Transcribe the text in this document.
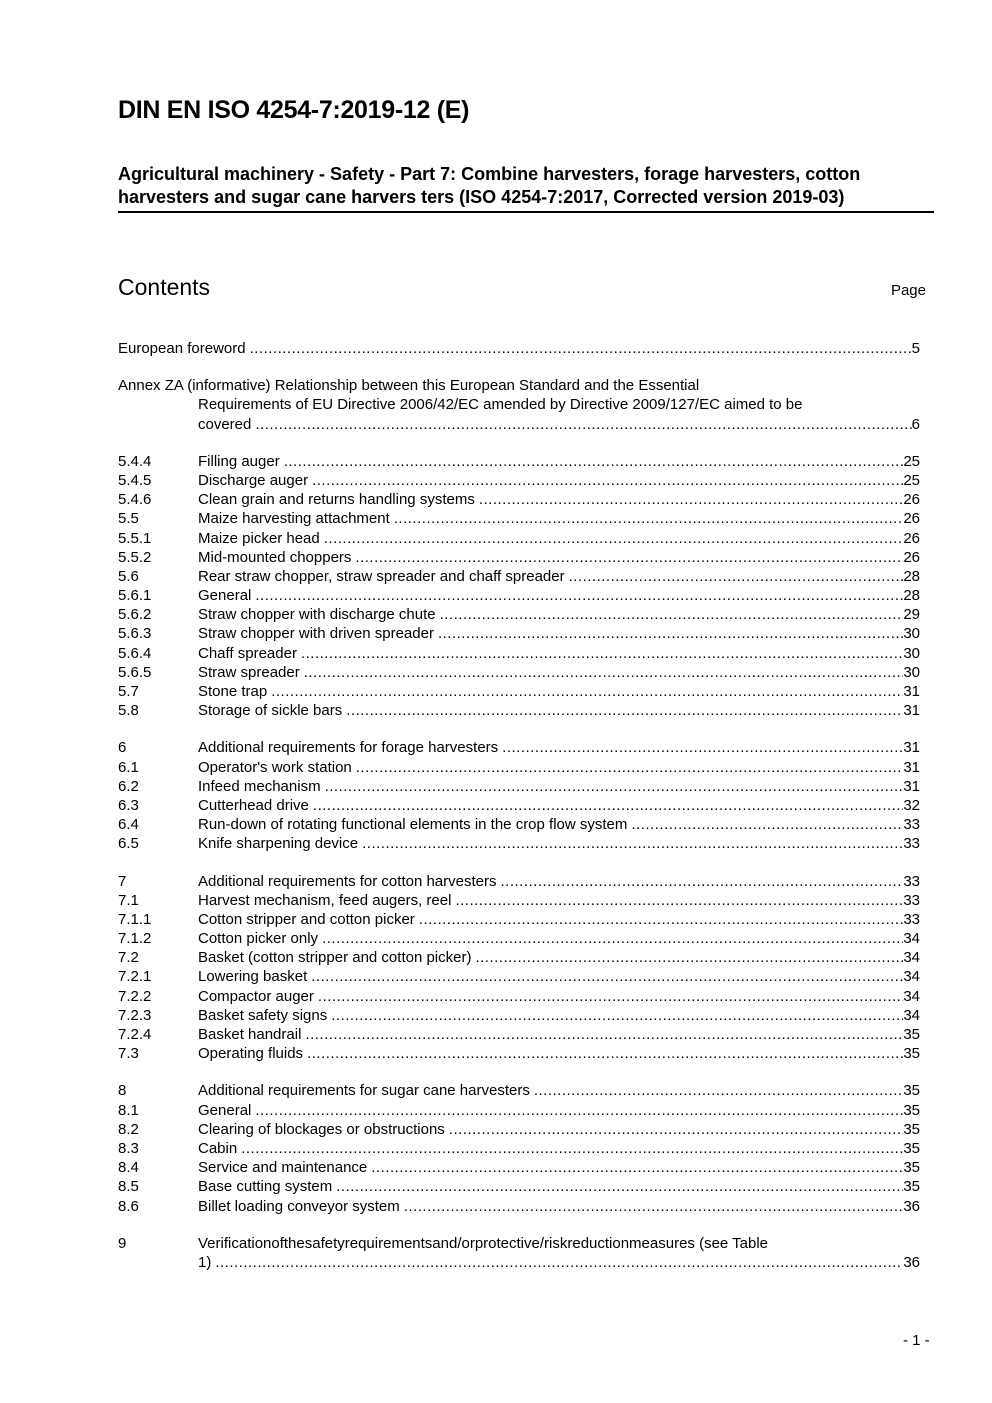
DIN EN ISO 4254-7:2019-12 (E)
Agricultural machinery - Safety - Part 7: Combine harvesters, forage harvesters, cotton harvesters and sugar cane harvers ters (ISO 4254-7:2017, Corrected version 2019-03)
Contents	Page
European foreword .....	5
Annex ZA (informative) Relationship between this European Standard and the Essential
Requirements of EU Directive 2006/42/EC amended by Directive 2009/127/EC aimed to be
covered .....	6
5.4.4	Filling auger .....	25
5.4.5	Discharge auger .....	25
5.4.6	Clean grain and returns handling systems .....	26
5.5	Maize harvesting attachment .....	26
5.5.1	Maize picker head .....	26
5.5.2	Mid-mounted choppers .....	26
5.6	Rear straw chopper, straw spreader and chaff spreader .....	28
5.6.1	General .....	28
5.6.2	Straw chopper with discharge chute .....	29
5.6.3	Straw chopper with driven spreader .....	30
5.6.4	Chaff spreader .....	30
5.6.5	Straw spreader .....	30
5.7	Stone trap .....	31
5.8	Storage of sickle bars .....	31
6	Additional requirements for forage harvesters .....	31
6.1	Operator's work station .....	31
6.2	Infeed mechanism .....	31
6.3	Cutterhead drive .....	32
6.4	Run-down of rotating functional elements in the crop flow system .....	33
6.5	Knife sharpening device .....	33
7	Additional requirements for cotton harvesters .....	33
7.1	Harvest mechanism, feed augers, reel .....	33
7.1.1	Cotton stripper and cotton picker .....	33
7.1.2	Cotton picker only .....	34
7.2	Basket (cotton stripper and cotton picker) .....	34
7.2.1	Lowering basket .....	34
7.2.2	Compactor auger .....	34
7.2.3	Basket safety signs .....	34
7.2.4	Basket handrail .....	35
7.3	Operating fluids .....	35
8	Additional requirements for sugar cane harvesters .....	35
8.1	General .....	35
8.2	Clearing of blockages or obstructions .....	35
8.3	Cabin .....	35
8.4	Service and maintenance .....	35
8.5	Base cutting system .....	35
8.6	Billet loading conveyor system .....	36
9	Verificationofthesafetyrequirementsand/orprotective/riskreductionmeasures (see Table
1) .....	36
- 1 -
